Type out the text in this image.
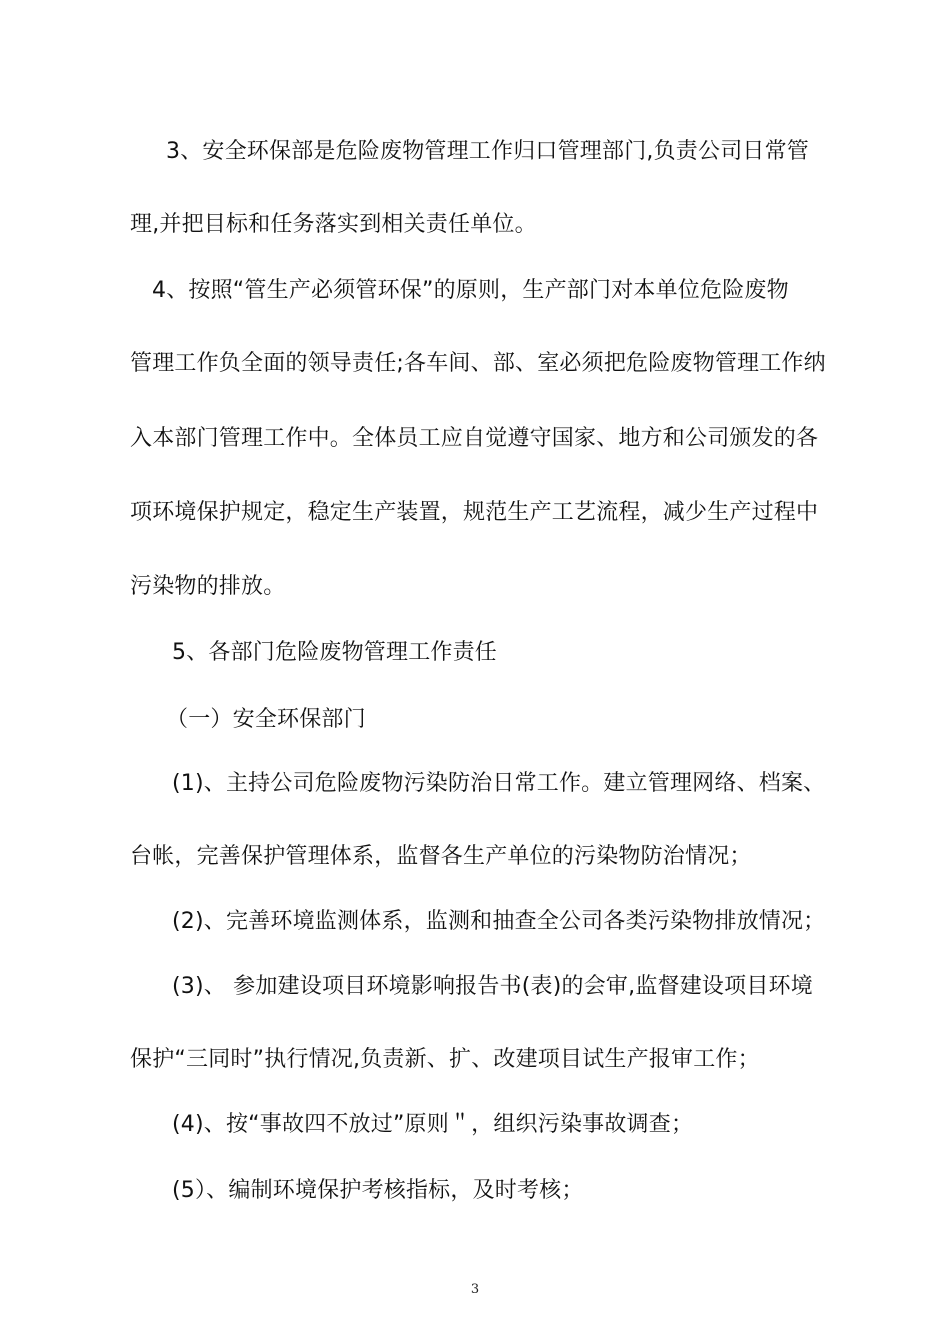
3、安全环保部是危险废物管理工作归口管理部门,负责公司日常管
理,并把目标和任务落实到相关责任单位。
4、按照“管生产必须管环保”的原则，生产部门对本单位危险废物
管理工作负全面的领导责任;各车间、部、室必须把危险废物管理工作纳
入本部门管理工作中。全体员工应自觉遵守国家、地方和公司颁发的各
项环境保护规定，稳定生产装置，规范生产工艺流程，减少生产过程中
污染物的排放。
5、各部门危险废物管理工作责任
（一）安全环保部门
(1)、主持公司危险废物污染防治日常工作。建立管理网络、档案、
台帐，完善保护管理体系，监督各生产单位的污染物防治情况；
(2)、完善环境监测体系，监测和抽查全公司各类污染物排放情况；
(3)、 参加建设项目环境影响报告书(表)的会审,监督建设项目环境
保护“三同时”执行情况,负责新、扩、改建项目试生产报审工作；
(4)、按“事故四不放过”原则＂，组织污染事故调查；
(5）、编制环境保护考核指标，及时考核；
3
